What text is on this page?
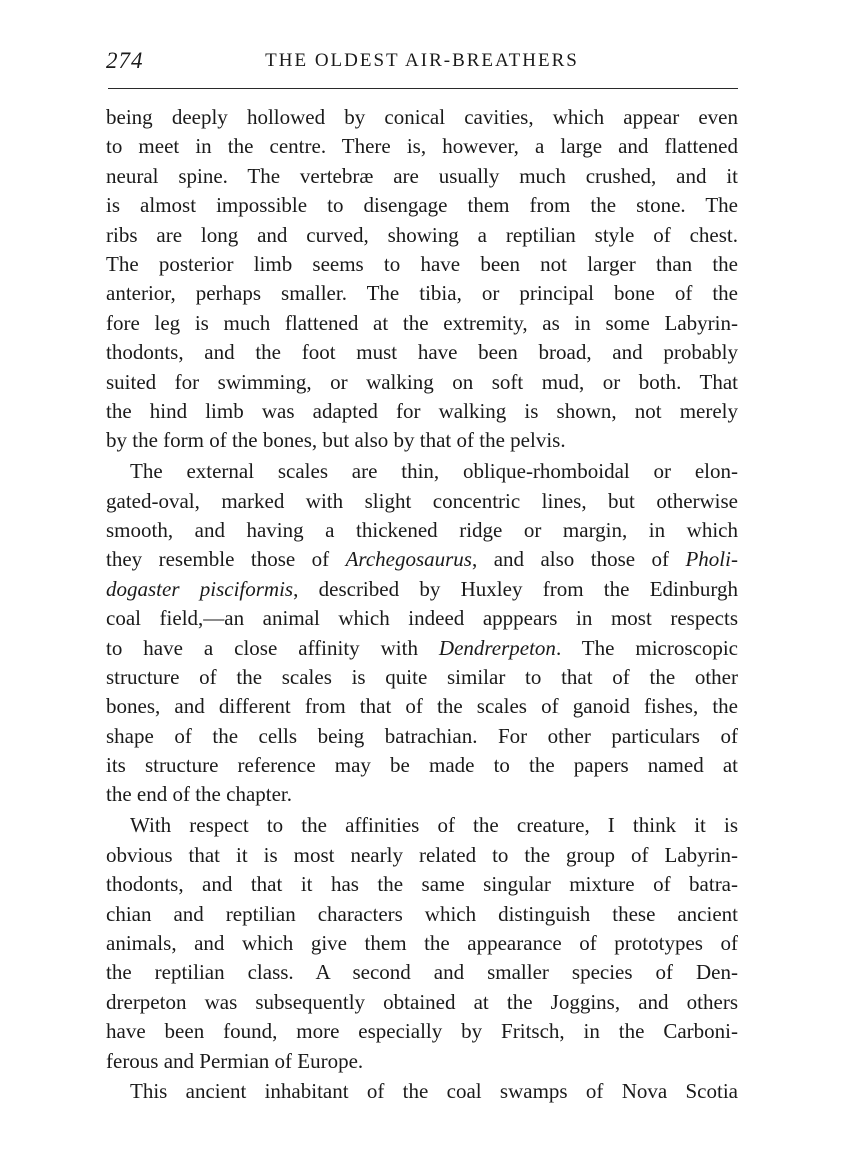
274	THE OLDEST AIR-BREATHERS
being deeply hollowed by conical cavities, which appear even
to meet in the centre. There is, however, a large and flattened
neural spine. The vertebræ are usually much crushed, and it
is almost impossible to disengage them from the stone. The
ribs are long and curved, showing a reptilian style of chest.
The posterior limb seems to have been not larger than the
anterior, perhaps smaller. The tibia, or principal bone of the
fore leg is much flattened at the extremity, as in some Labyrin-
thodonts, and the foot must have been broad, and probably
suited for swimming, or walking on soft mud, or both. That
the hind limb was adapted for walking is shown, not merely
by the form of the bones, but also by that of the pelvis.
The external scales are thin, oblique-rhomboidal or elon-
gated-oval, marked with slight concentric lines, but otherwise
smooth, and having a thickened ridge or margin, in which
they resemble those of Archegosaurus, and also those of Pholi-
dogaster pisciformis, described by Huxley from the Edinburgh
coal field,—an animal which indeed apppears in most respects
to have a close affinity with Dendrerpeton. The microscopic
structure of the scales is quite similar to that of the other
bones, and different from that of the scales of ganoid fishes, the
shape of the cells being batrachian. For other particulars of
its structure reference may be made to the papers named at
the end of the chapter.
With respect to the affinities of the creature, I think it is
obvious that it is most nearly related to the group of Labyrin-
thodonts, and that it has the same singular mixture of batra-
chian and reptilian characters which distinguish these ancient
animals, and which give them the appearance of prototypes of
the reptilian class. A second and smaller species of Den-
drerpeton was subsequently obtained at the Joggins, and others
have been found, more especially by Fritsch, in the Carboni-
ferous and Permian of Europe.
This ancient inhabitant of the coal swamps of Nova Scotia
